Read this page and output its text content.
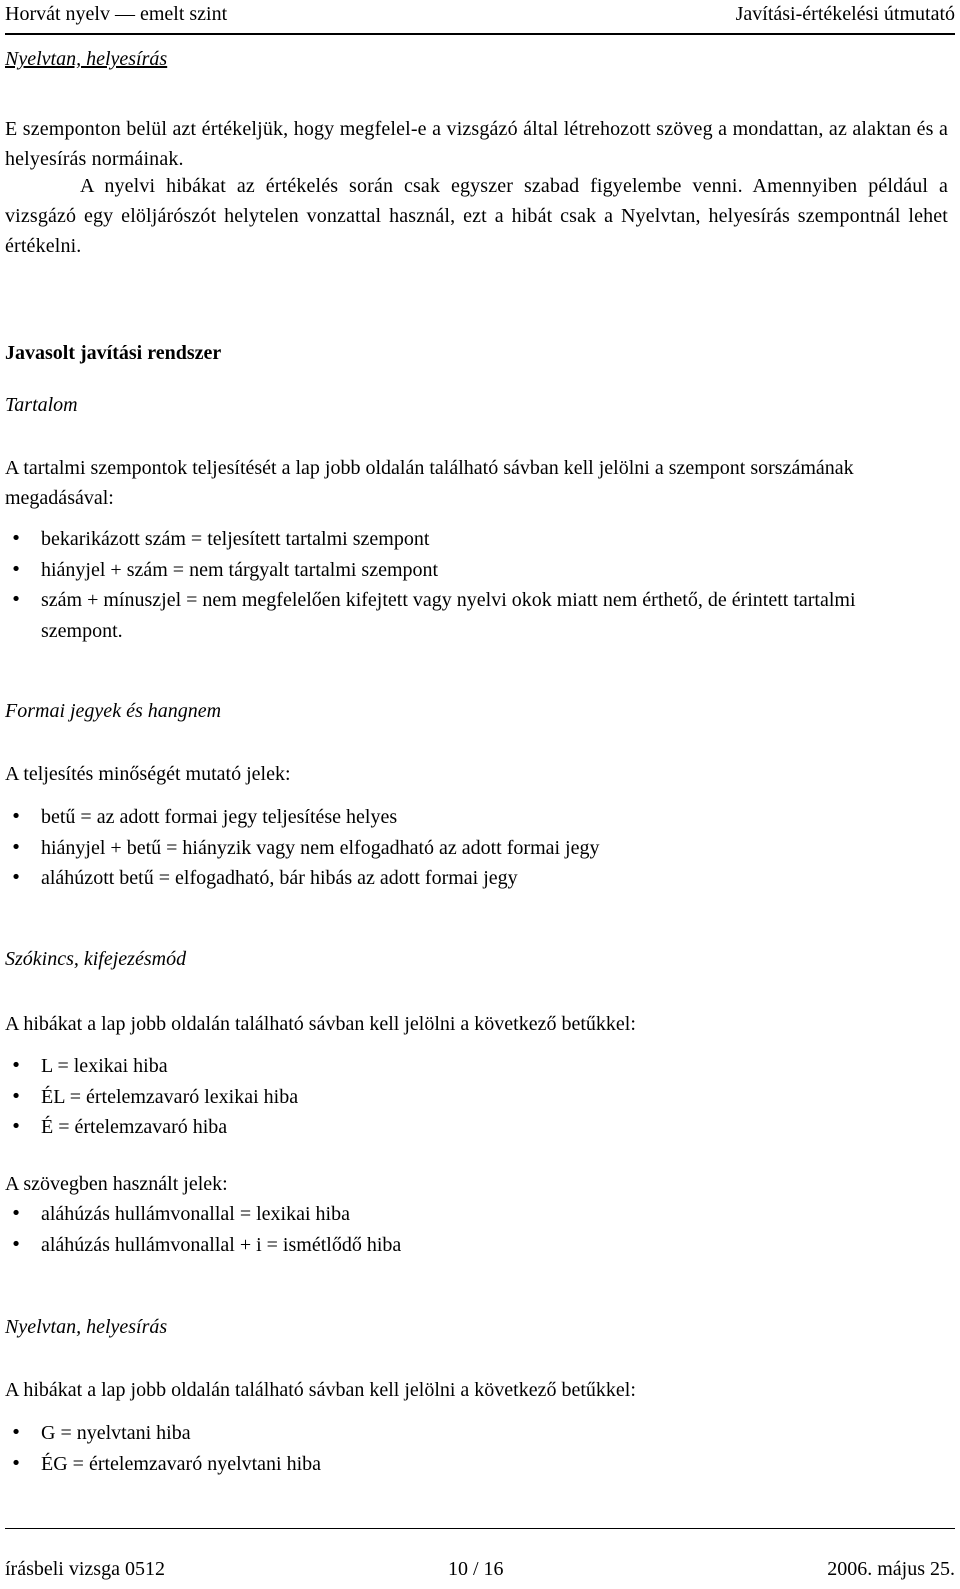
Horvát nyelv — emelt szint	Javítási-értékelési útmutató

Nyelvtan, helyesírás

E szemponton belül azt értékeljük, hogy megfelel-e a vizsgázó által létrehozott szöveg a mondattan, az alaktan és a helyesírás normáinak.

A nyelvi hibákat az értékelés során csak egyszer szabad figyelembe venni. Amennyiben például a vizsgázó egy elöljárószót helytelen vonzattal használ, ezt a hibát csak a Nyelvtan, helyesírás szempontnál lehet értékelni.

Javasolt javítási rendszer

Tartalom

A tartalmi szempontok teljesítését a lap jobb oldalán található sávban kell jelölni a szempont sorszámának megadásával:

• bekarikázott szám = teljesített tartalmi szempont
• hiányjel + szám = nem tárgyalt tartalmi szempont
• szám + mínuszjel = nem megfelelően kifejtett vagy nyelvi okok miatt nem érthető, de érintett tartalmi szempont.

Formai jegyek és hangnem

A teljesítés minőségét mutató jelek:

• betű = az adott formai jegy teljesítése helyes
• hiányjel + betű = hiányzik vagy nem elfogadható az adott formai jegy
• aláhúzott betű = elfogadható, bár hibás az adott formai jegy

Szókincs, kifejezésmód

A hibákat a lap jobb oldalán található sávban kell jelölni a következő betűkkel:

• L = lexikai hiba
• ÉL = értelemzavaró lexikai hiba
• É = értelemzavaró hiba

A szövegben használt jelek:

• aláhúzás hullámvonallal = lexikai hiba
• aláhúzás hullámvonallal + i = ismétlődő hiba

Nyelvtan, helyesírás

A hibákat a lap jobb oldalán található sávban kell jelölni a következő betűkkel:

• G = nyelvtani hiba
• ÉG = értelemzavaró nyelvtani hiba
írásbeli vizsga 0512	10 / 16	2006. május 25.
